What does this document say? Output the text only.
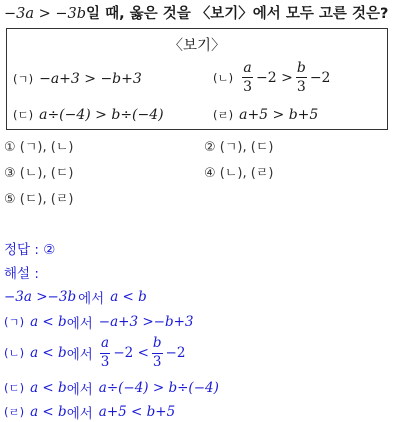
−3a > −3b일 때, 옳은 것을 〈보기〉에서 모두 고른 것은?
〈보기〉
(ㄱ) −a+3 > −b+3	(ㄴ) $\frac{a}{3} -2 > \frac{b}{3} -2$
(ㄷ) a÷(−4) > b÷(−4)	(ㄹ) a+5 > b+5
① (ㄱ), (ㄴ)	② (ㄱ), (ㄷ)
③ (ㄴ), (ㄷ)	④ (ㄴ), (ㄹ)
⑤ (ㄷ), (ㄹ)
정답 : ②
해설 :
−3a >−3b 에서 a < b
(ㄱ) a < b 에서 −a+3 >−b+3
(ㄴ) a < b 에서 $\frac{a}{3} -2 < \frac{b}{3} -2$
(ㄷ) a < b 에서 a÷(−4) > b÷(−4)
(ㄹ) a < b 에서 a+5 < b+5
